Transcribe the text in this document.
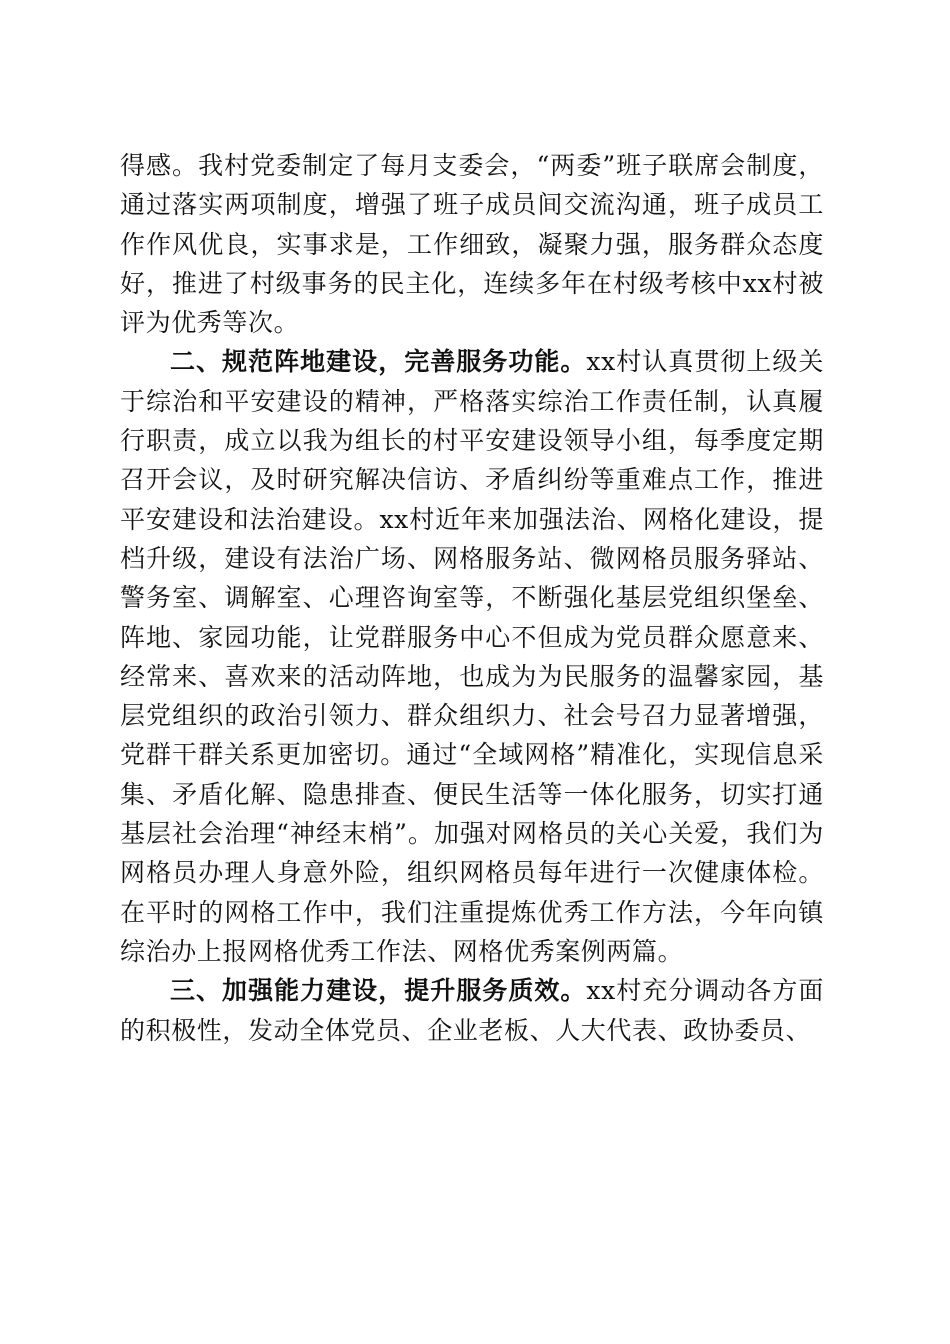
得感。我村党委制定了每月支委会，“两委”班子联席会制度，通过落实两项制度，增强了班子成员间交流沟通，班子成员工作作风优良，实事求是，工作细致，凝聚力强，服务群众态度好，推进了村级事务的民主化，连续多年在村级考核中xx村被评为优秀等次。

二、规范阵地建设，完善服务功能。xx村认真贯彻上级关于综治和平安建设的精神，严格落实综治工作责任制，认真履行职责，成立以我为组长的村平安建设领导小组，每季度定期召开会议，及时研究解决信访、矛盾纠纷等重难点工作，推进平安建设和法治建设。xx村近年来加强法治、网格化建设，提档升级，建设有法治广场、网格服务站、微网格员服务驿站、警务室、调解室、心理咨询室等，不断强化基层党组织堡垒、阵地、家园功能，让党群服务中心不但成为党员群众愿意来、经常来、喜欢来的活动阵地，也成为为民服务的温馨家园，基层党组织的政治引领力、群众组织力、社会号召力显著增强，党群干群关系更加密切。通过“全域网格”精准化，实现信息采集、矛盾化解、隐患排查、便民生活等一体化服务，切实打通基层社会治理“神经末梢”。加强对网格员的关心关爱，我们为网格员办理人身意外险，组织网格员每年进行一次健康体检。在平时的网格工作中，我们注重提炼优秀工作方法，今年向镇综治办上报网格优秀工作法、网格优秀案例两篇。

三、加强能力建设，提升服务质效。xx村充分调动各方面的积极性，发动全体党员、企业老板、人大代表、政协委员、
